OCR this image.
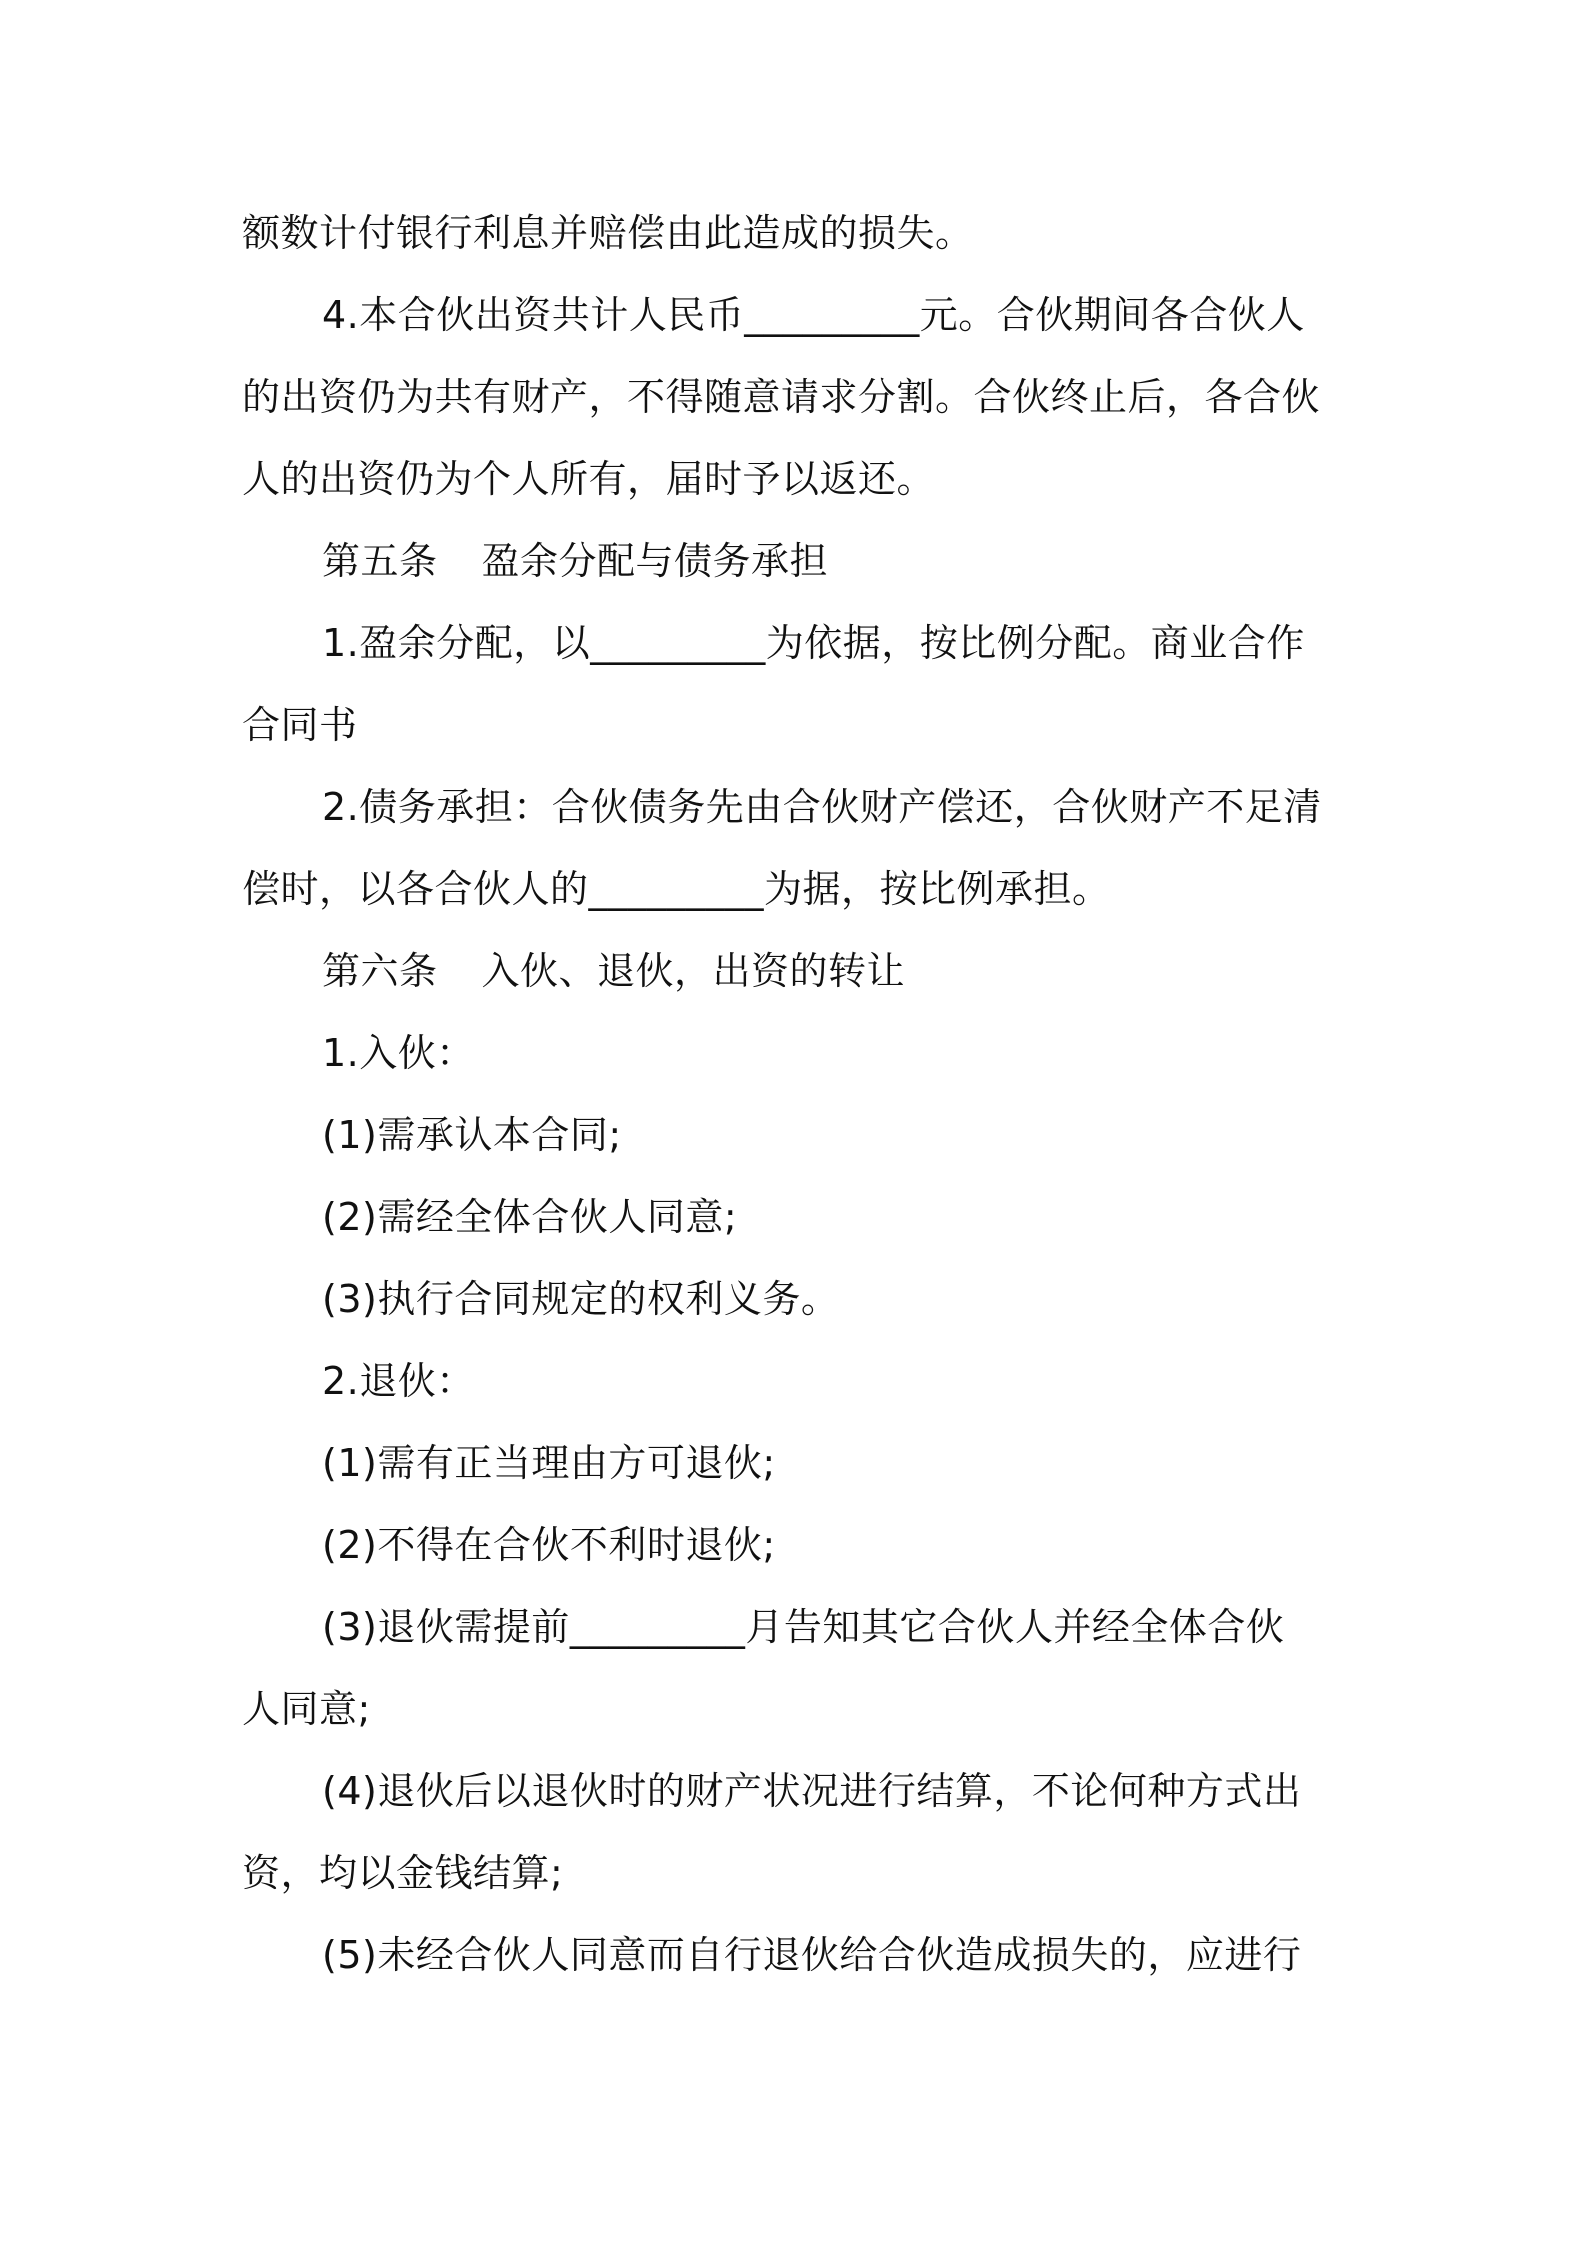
额数计付银行利息并赔偿由此造成的损失。
4.本合伙出资共计人民币_________元。合伙期间各合伙人
的出资仍为共有财产，不得随意请求分割。合伙终止后，各合伙
人的出资仍为个人所有，届时予以返还。
第五条 盈余分配与债务承担
1.盈余分配，以_________为依据，按比例分配。商业合作
合同书
2.债务承担：合伙债务先由合伙财产偿还，合伙财产不足清
偿时，以各合伙人的_________为据，按比例承担。
第六条 入伙、退伙，出资的转让
1.入伙：
(1)需承认本合同;
(2)需经全体合伙人同意;
(3)执行合同规定的权利义务。
2.退伙：
(1)需有正当理由方可退伙;
(2)不得在合伙不利时退伙;
(3)退伙需提前_________月告知其它合伙人并经全体合伙
人同意;
(4)退伙后以退伙时的财产状况进行结算，不论何种方式出
资，均以金钱结算;
(5)未经合伙人同意而自行退伙给合伙造成损失的，应进行
